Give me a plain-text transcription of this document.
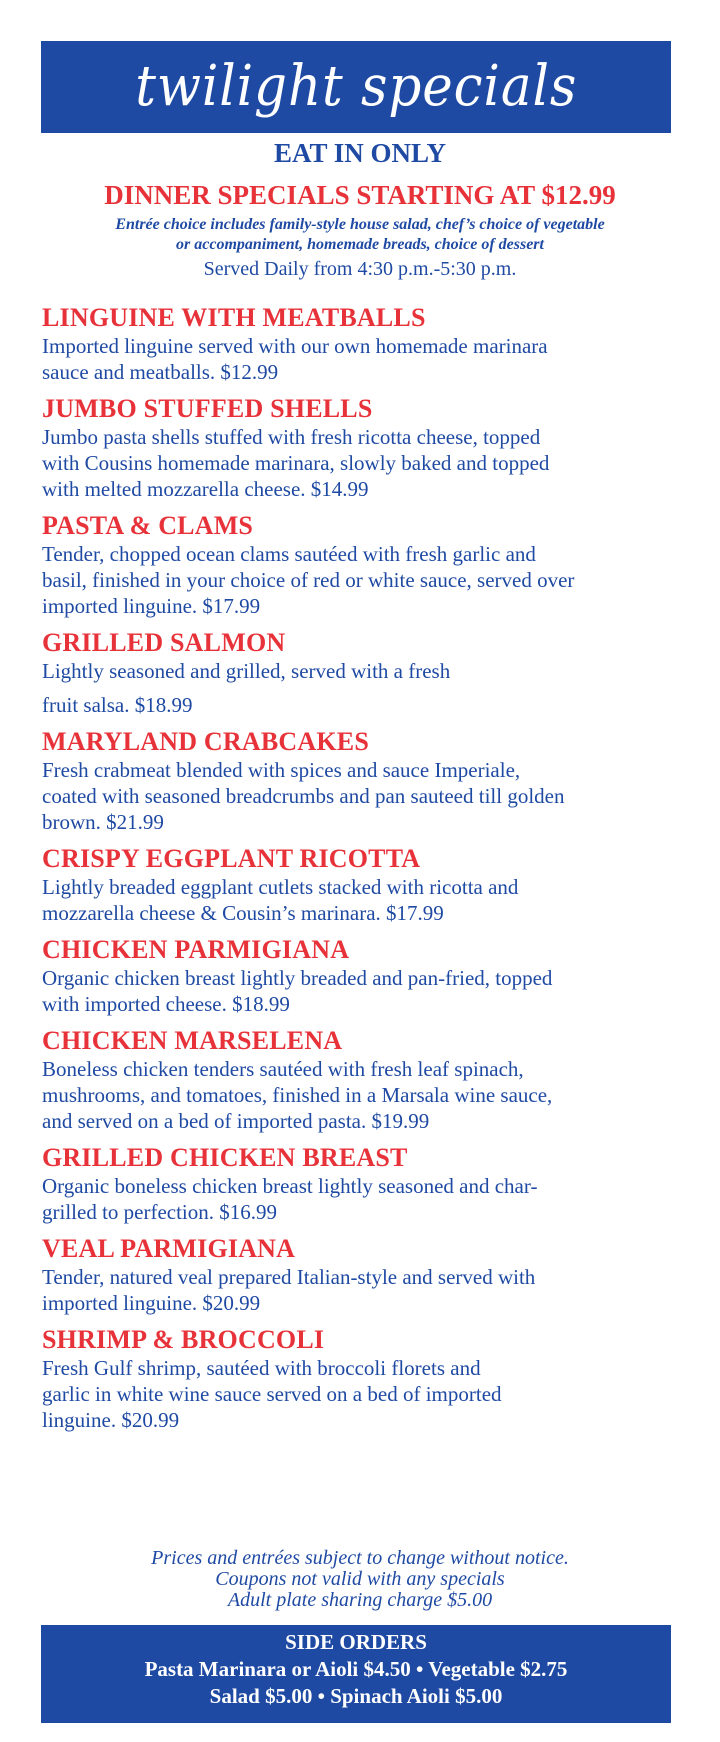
twilight specials
EAT IN ONLY
DINNER SPECIALS STARTING AT $12.99
Entrée choice includes family-style house salad, chef’s choice of vegetable
or accompaniment, homemade breads, choice of dessert
Served Daily from 4:30 p.m.-5:30 p.m.
LINGUINE WITH MEATBALLS
Imported linguine served with our own homemade marinara
sauce and meatballs. $12.99
JUMBO STUFFED SHELLS
Jumbo pasta shells stuffed with fresh ricotta cheese, topped
with Cousins homemade marinara, slowly baked and topped
with melted mozzarella cheese. $14.99
PASTA & CLAMS
Tender, chopped ocean clams sautéed with fresh garlic and
basil, finished in your choice of red or white sauce, served over
imported linguine. $17.99
GRILLED SALMON
Lightly seasoned and grilled, served with a fresh
fruit salsa. $18.99
MARYLAND CRABCAKES
Fresh crabmeat blended with spices and sauce Imperiale,
coated with seasoned breadcrumbs and pan sauteed till golden
brown. $21.99
CRISPY EGGPLANT RICOTTA
Lightly breaded eggplant cutlets stacked with ricotta and
mozzarella cheese & Cousin’s marinara. $17.99
CHICKEN PARMIGIANA
Organic chicken breast lightly breaded and pan-fried, topped
with imported cheese. $18.99
CHICKEN MARSELENA
Boneless chicken tenders sautéed with fresh leaf spinach,
mushrooms, and tomatoes, finished in a Marsala wine sauce,
and served on a bed of imported pasta. $19.99
GRILLED CHICKEN BREAST
Organic boneless chicken breast lightly seasoned and char-
grilled to perfection. $16.99
VEAL PARMIGIANA
Tender, natured veal prepared Italian-style and served with
imported linguine. $20.99
SHRIMP & BROCCOLI
Fresh Gulf shrimp, sautéed with broccoli florets and
garlic in white wine sauce served on a bed of imported
linguine. $20.99
Prices and entrées subject to change without notice.
Coupons not valid with any specials
Adult plate sharing charge $5.00
SIDE ORDERS
Pasta Marinara or Aioli $4.50 • Vegetable $2.75
Salad $5.00 • Spinach Aioli $5.00
